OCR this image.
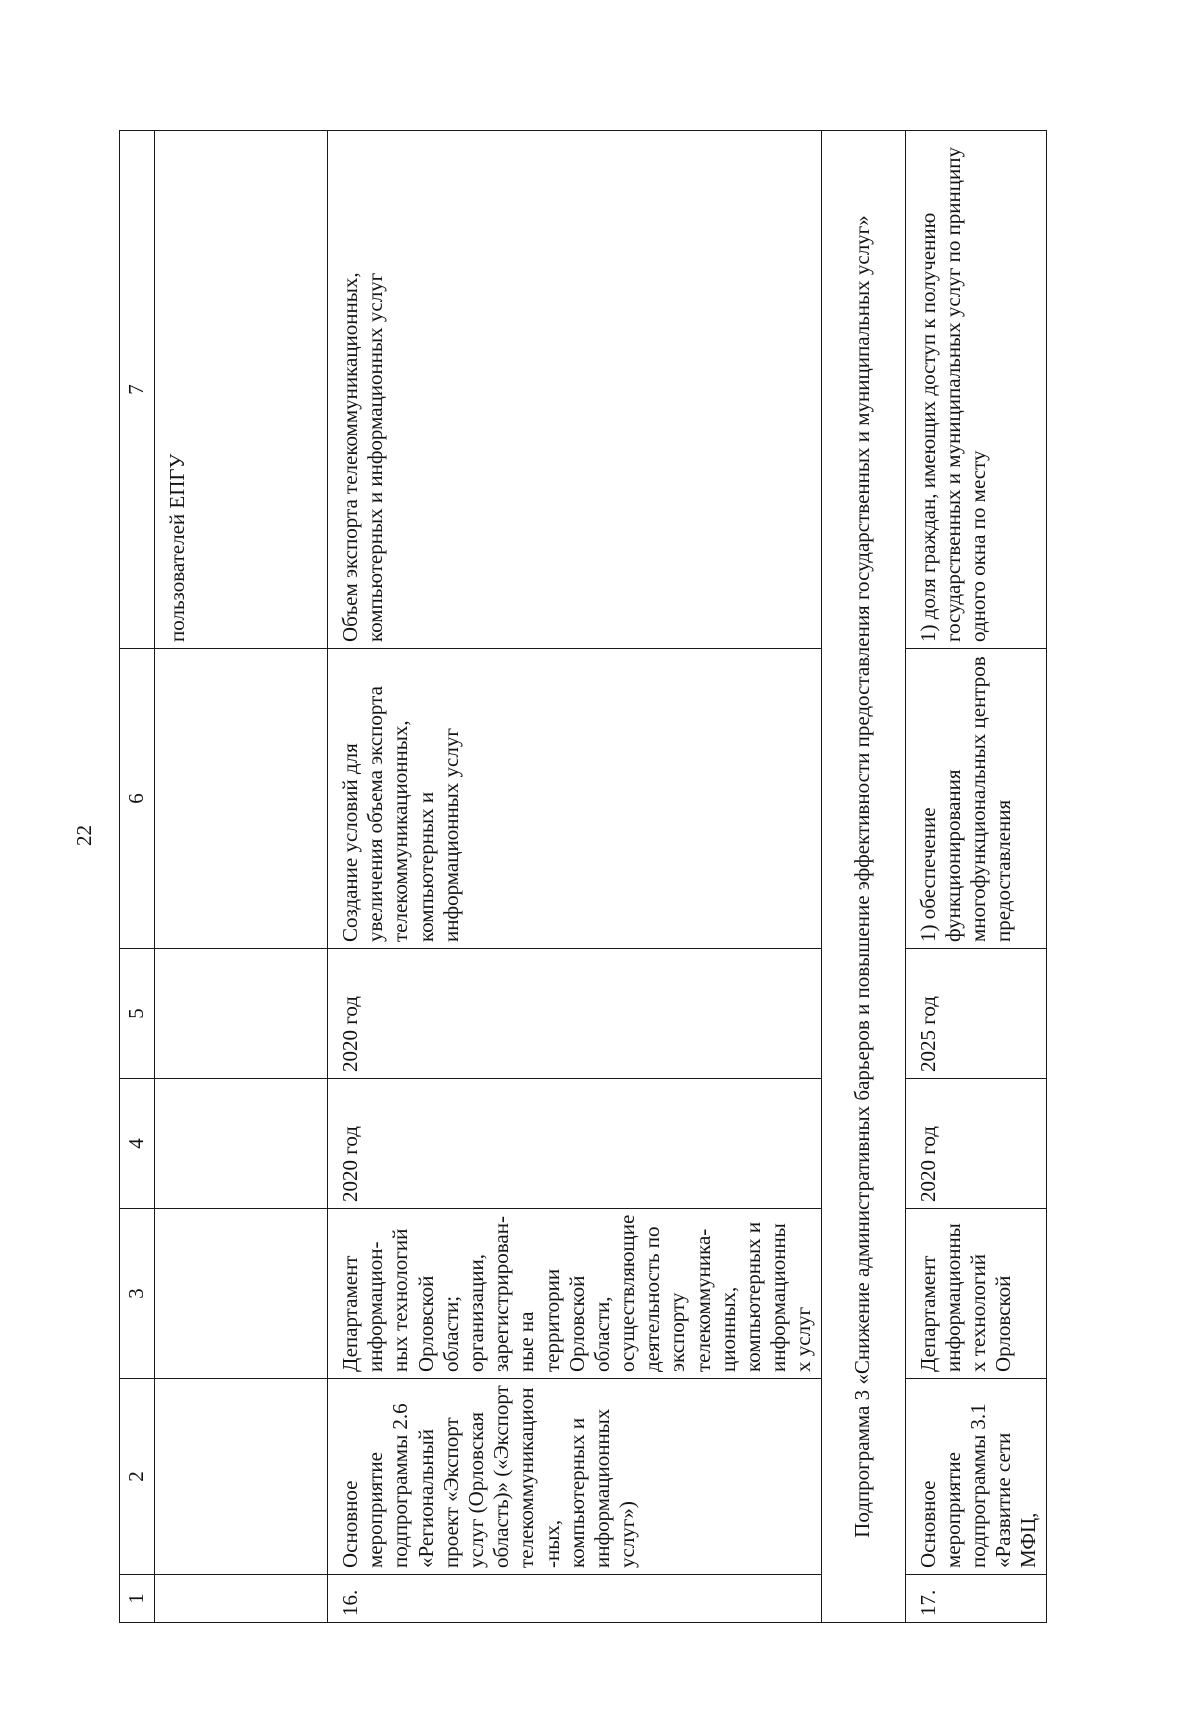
22
1	2	3	4	5	6	7
						пользователей ЕПГУ
16.	Основное мероприятие подпрограммы 2.6 «Региональный проект «Экспорт услуг (Орловская область)» («Экспорт телекоммуникацион-ных, компьютерных и информационных услуг»)	Департамент информацион-ных технологий Орловской области; организации, зарегистрирован-ные на территории Орловской области, осуществляющие деятельность по экспорту телекоммуника-ционных, компьютерных и информационных услуг	2020 год	2020 год	Создание условий для увеличения объема экспорта телекоммуникационных, компьютерных и информационных услуг	Объем экспорта телекоммуникационных, компьютерных и информационных услуг
Подпрограмма 3 «Снижение административных барьеров и повышение эффективности предоставления государственных и муниципальных услуг»						
17.	Основное мероприятие подпрограммы 3.1 «Развитие сети МФЦ,	Департамент информационных технологий Орловской	2020 год	2025 год	1) обеспечение функционирования многофункциональных центров предоставления	1) доля граждан, имеющих доступ к получению государственных и муниципальных услуг по принципу одного окна по месту
